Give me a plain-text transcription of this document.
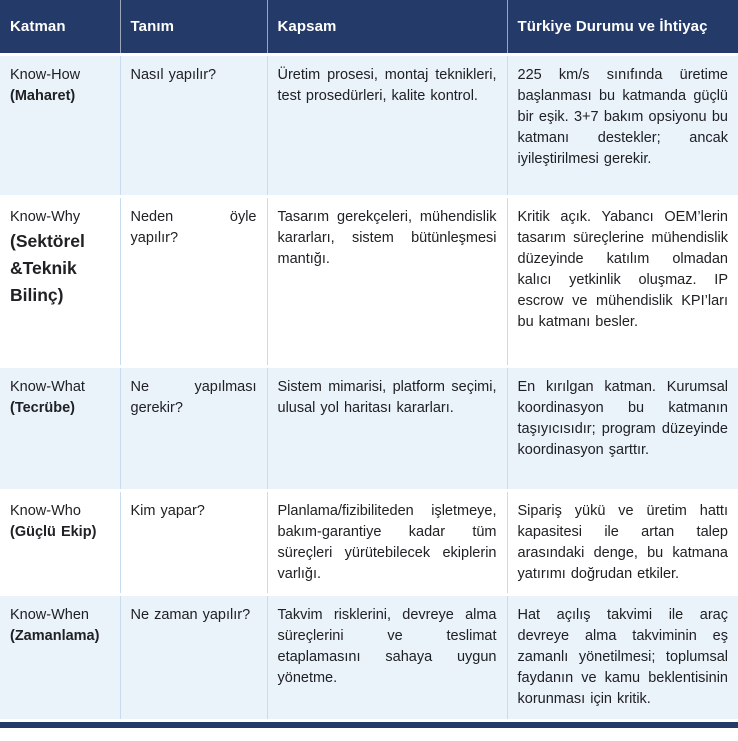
Katman	Tanım	Kapsam	Türkiye Durumu ve İhtiyaç

Know-How
(Maharet)	Nasıl yapılır?	Üretim prosesi, montaj teknikleri, test prosedürleri, kalite kontrol.	225 km/s sınıfında üretime başlanması bu katmanda güçlü bir eşik. 3+7 bakım opsiyonu bu katmanı destekler; ancak iyileştirilmesi gerekir.

Know-Why
(Sektörel &Teknik Bilinç)	Neden öyle yapılır?	Tasarım gerekçeleri, mühendislik kararları, sistem bütünleşmesi mantığı.	Kritik açık. Yabancı OEM’lerin tasarım süreçlerine mühendislik düzeyinde katılım olmadan kalıcı yetkinlik oluşmaz. IP escrow ve mühendislik KPI’ları bu katmanı besler.

Know-What
(Tecrübe)	Ne yapılması gerekir?	Sistem mimarisi, platform seçimi, ulusal yol haritası kararları.	En kırılgan katman. Kurumsal koordinasyon bu katmanın taşıyıcısıdır; program düzeyinde koordinasyon şarttır.

Know-Who
(Güçlü Ekip)	Kim yapar?	Planlama/fizibiliteden işletmeye, bakım-garantiye kadar tüm süreçleri yürütebilecek ekiplerin varlığı.	Sipariş yükü ve üretim hattı kapasitesi ile artan talep arasındaki denge, bu katmana yatırımı doğrudan etkiler.

Know-When
(Zamanlama)	Ne zaman yapılır?	Takvim risklerini, devreye alma süreçlerini ve teslimat etaplamasını sahaya uygun yönetme.	Hat açılış takvimi ile araç devreye alma takviminin eş zamanlı yönetilmesi; toplumsal faydanın ve kamu beklentisinin korunması için kritik.
